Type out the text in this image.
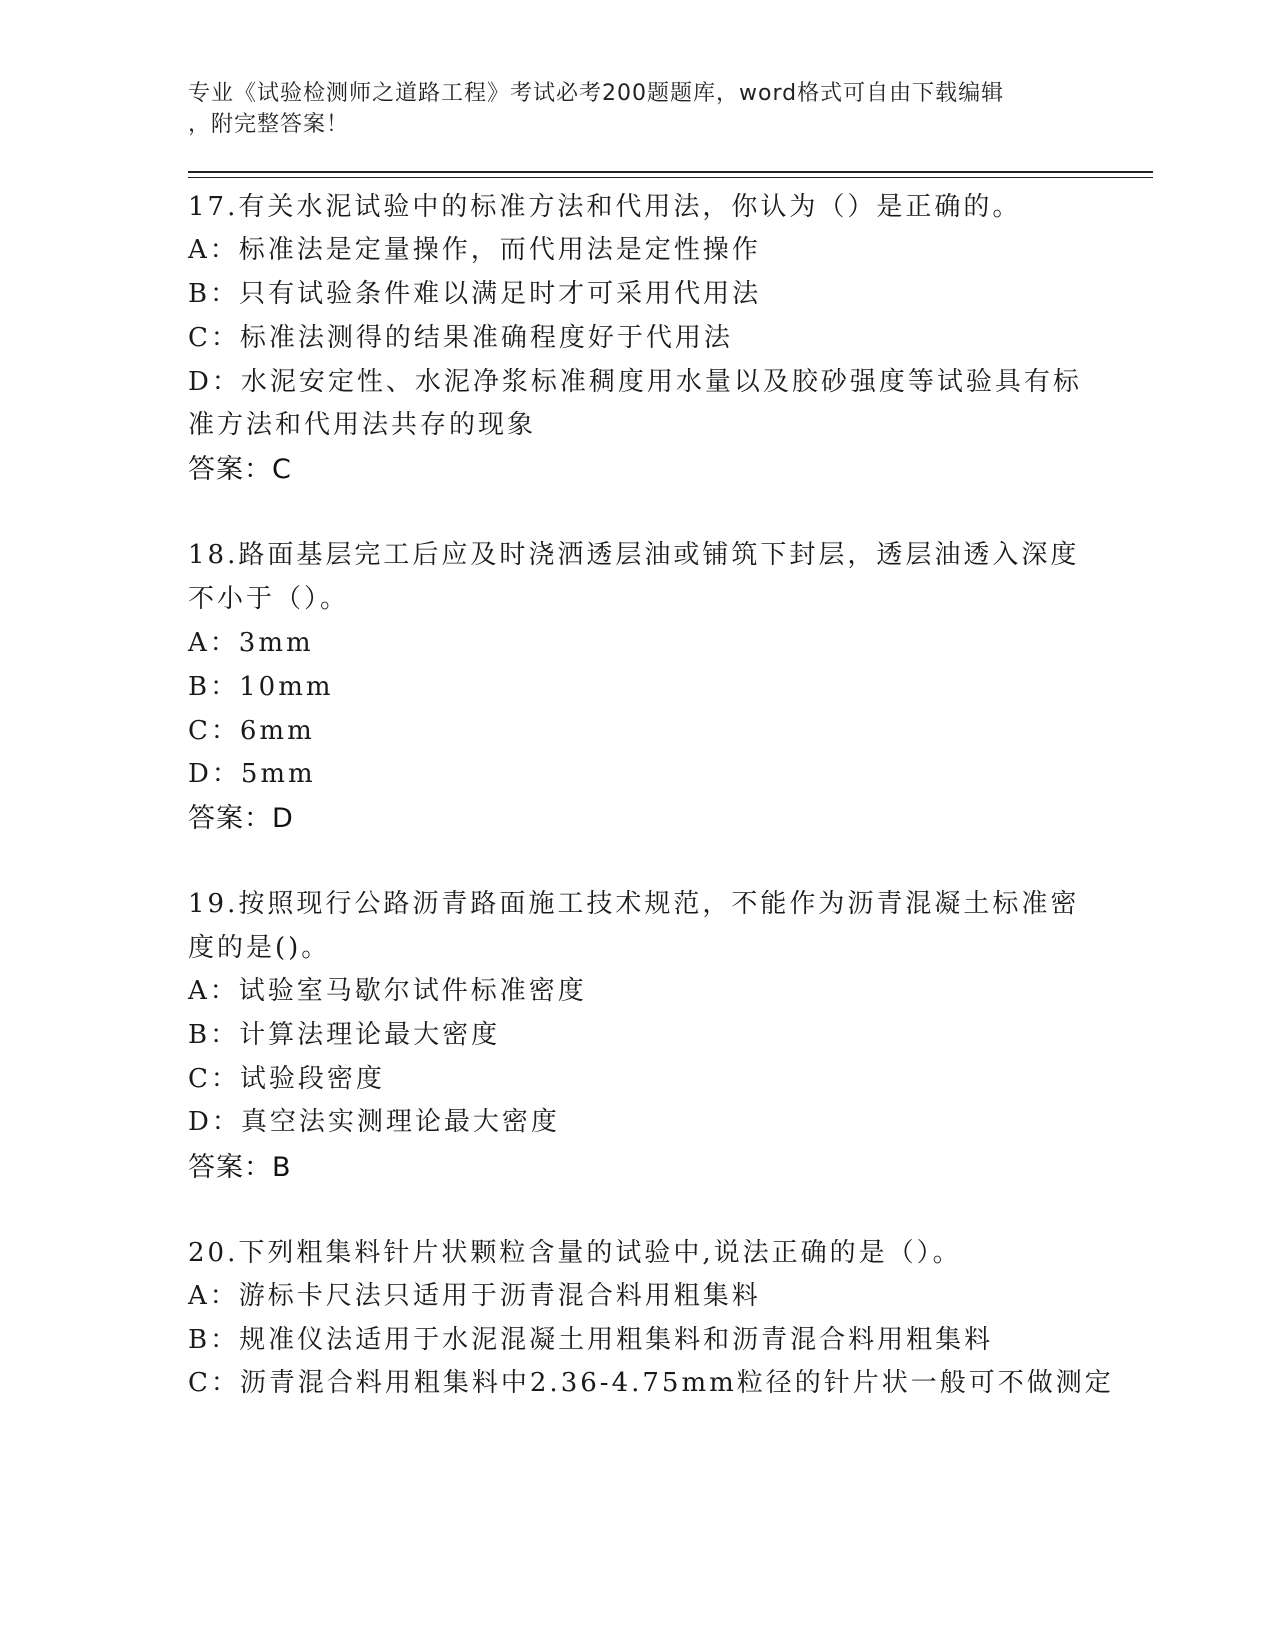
专业《试验检测师之道路工程》考试必考200题题库，word格式可自由下载编辑
，附完整答案！
17.有关水泥试验中的标准方法和代用法，你认为（）是正确的。
A：标准法是定量操作，而代用法是定性操作
B：只有试验条件难以满足时才可采用代用法
C：标准法测得的结果准确程度好于代用法
D：水泥安定性、水泥净浆标准稠度用水量以及胶砂强度等试验具有标
准方法和代用法共存的现象
答案：C
18.路面基层完工后应及时浇洒透层油或铺筑下封层，透层油透入深度
不小于（）。
A：3mm
B：10mm
C：6mm
D：5mm
答案：D
19.按照现行公路沥青路面施工技术规范，不能作为沥青混凝土标准密
度的是()。
A：试验室马歇尔试件标准密度
B：计算法理论最大密度
C：试验段密度
D：真空法实测理论最大密度
答案：B
20.下列粗集料针片状颗粒含量的试验中,说法正确的是（）。
A：游标卡尺法只适用于沥青混合料用粗集料
B：规准仪法适用于水泥混凝土用粗集料和沥青混合料用粗集料
C：沥青混合料用粗集料中2.36-4.75mm粒径的针片状一般可不做测定
